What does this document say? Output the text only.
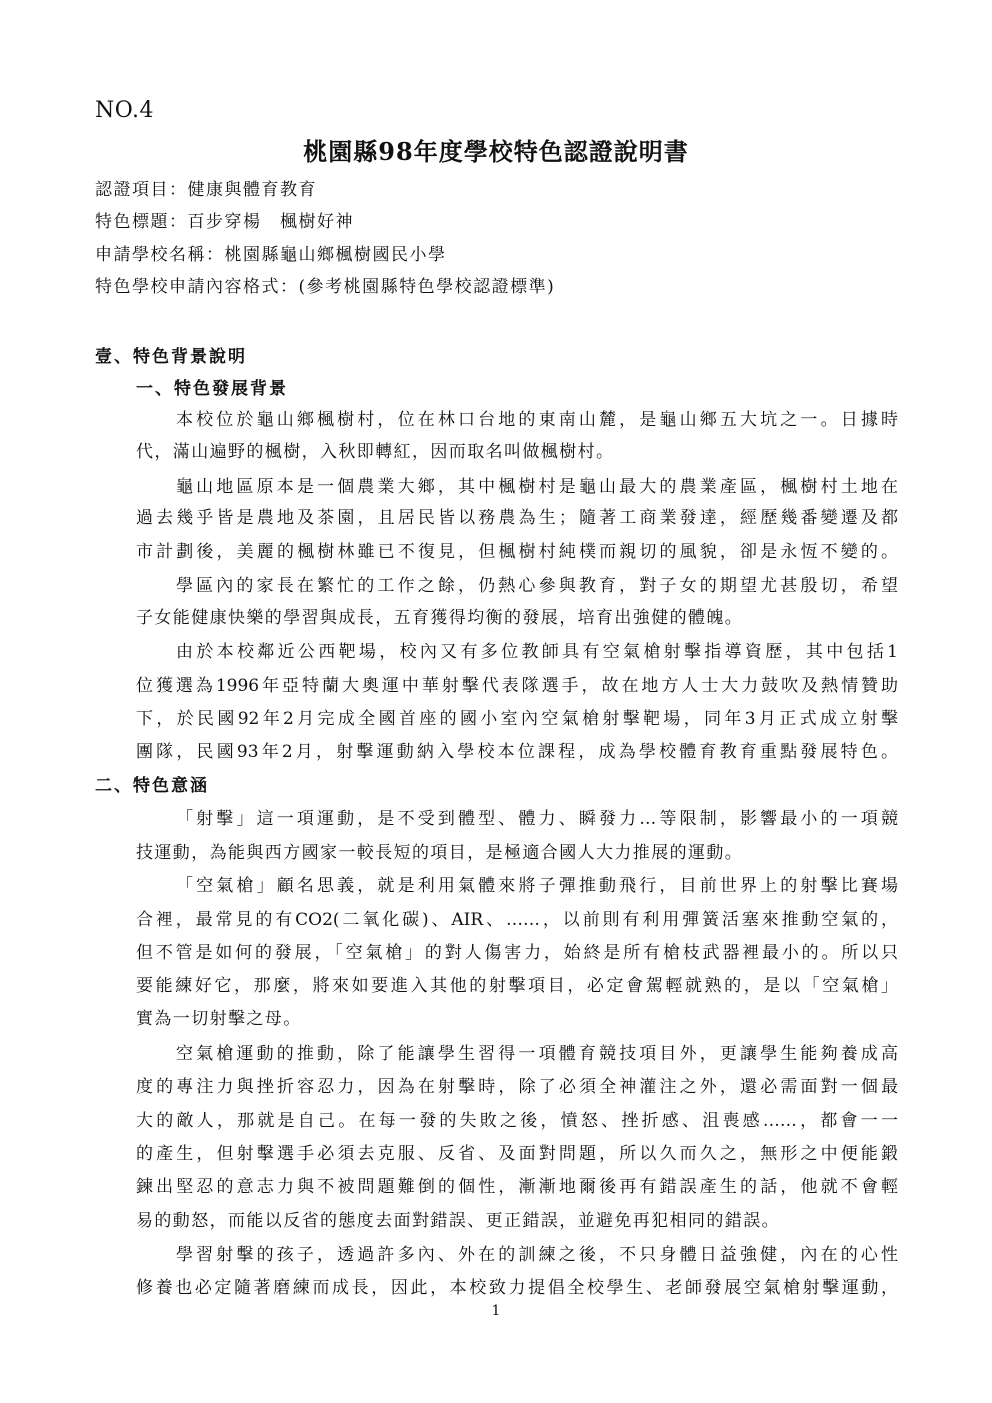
NO.4
桃園縣98年度學校特色認證說明書
認證項目：健康與體育教育
特色標題：百步穿楊　楓樹好神
申請學校名稱：桃園縣龜山鄉楓樹國民小學
特色學校申請內容格式：(參考桃園縣特色學校認證標準)
壹、特色背景說明
一、特色發展背景
本校位於龜山鄉楓樹村，位在林口台地的東南山麓，是龜山鄉五大坑之一。日據時
代，滿山遍野的楓樹，入秋即轉紅，因而取名叫做楓樹村。
龜山地區原本是一個農業大鄉，其中楓樹村是龜山最大的農業產區，楓樹村土地在
過去幾乎皆是農地及茶園，且居民皆以務農為生；隨著工商業發達，經歷幾番變遷及都
市計劃後，美麗的楓樹林雖已不復見，但楓樹村純樸而親切的風貌，卻是永恆不變的。
學區內的家長在繁忙的工作之餘，仍熱心參與教育，對子女的期望尤甚殷切，希望
子女能健康快樂的學習與成長，五育獲得均衡的發展，培育出強健的體魄。
由於本校鄰近公西靶場，校內又有多位教師具有空氣槍射擊指導資歷，其中包括1
位獲選為1996年亞特蘭大奧運中華射擊代表隊選手，故在地方人士大力鼓吹及熱情贊助
下，於民國92年2月完成全國首座的國小室內空氣槍射擊靶場，同年3月正式成立射擊
團隊，民國93年2月，射擊運動納入學校本位課程，成為學校體育教育重點發展特色。
二、特色意涵
「射擊」這一項運動，是不受到體型、體力、瞬發力…等限制，影響最小的一項競
技運動，為能與西方國家一較長短的項目，是極適合國人大力推展的運動。
「空氣槍」顧名思義，就是利用氣體來將子彈推動飛行，目前世界上的射擊比賽場
合裡，最常見的有CO2(二氧化碳)、AIR、……，以前則有利用彈簧活塞來推動空氣的，
但不管是如何的發展，「空氣槍」的對人傷害力，始終是所有槍枝武器裡最小的。所以只
要能練好它，那麼，將來如要進入其他的射擊項目，必定會駕輕就熟的，是以「空氣槍」
實為一切射擊之母。
空氣槍運動的推動，除了能讓學生習得一項體育競技項目外，更讓學生能夠養成高
度的專注力與挫折容忍力，因為在射擊時，除了必須全神灌注之外，還必需面對一個最
大的敵人，那就是自己。在每一發的失敗之後，憤怒、挫折感、沮喪感……，都會一一
的產生，但射擊選手必須去克服、反省、及面對問題，所以久而久之，無形之中便能鍛
鍊出堅忍的意志力與不被問題難倒的個性，漸漸地爾後再有錯誤產生的話，他就不會輕
易的動怒，而能以反省的態度去面對錯誤、更正錯誤，並避免再犯相同的錯誤。
學習射擊的孩子，透過許多內、外在的訓練之後，不只身體日益強健，內在的心性
修養也必定隨著磨練而成長，因此，本校致力提倡全校學生、老師發展空氣槍射擊運動，
1
